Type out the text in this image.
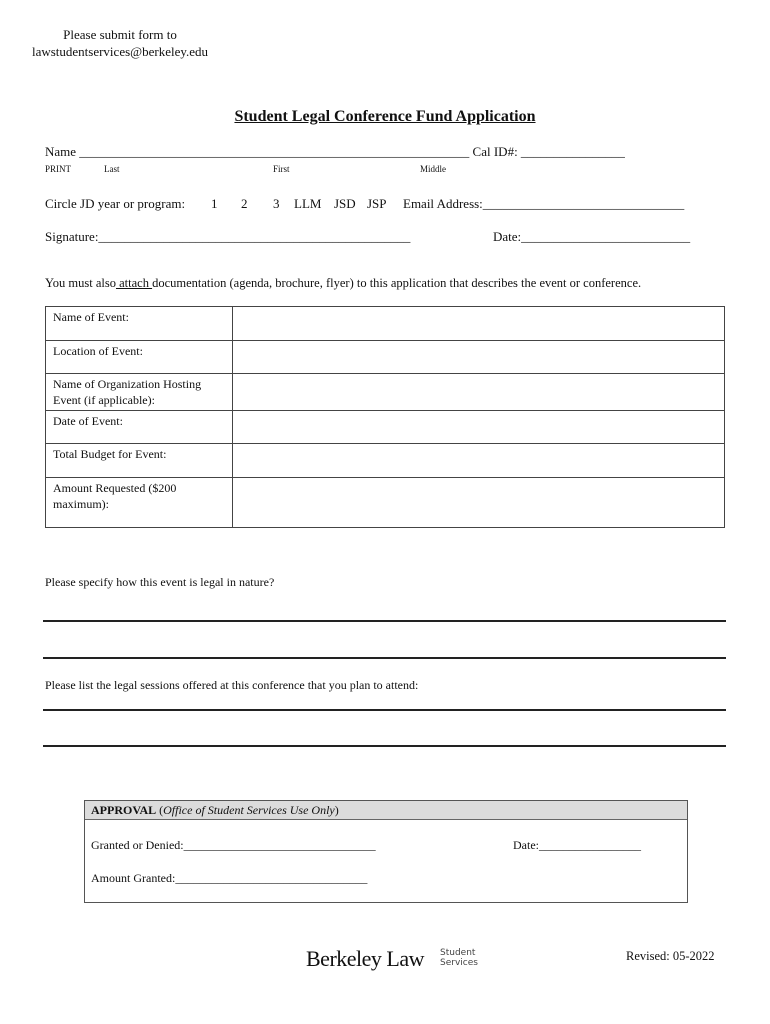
Please submit form to
lawstudentservices@berkeley.edu
Student Legal Conference Fund Application
Name ____________________________________________________________ Cal ID#: ________________
PRINT	Last	First	Middle
Circle JD year or program: 1 2 3 LLM JSD JSP Email Address:_______________________________
Signature:________________________________________________	Date:__________________________
You must also attach documentation (agenda, brochure, flyer) to this application that describes the event or conference.
Name of Event:	
Location of Event:	
Name of Organization Hosting Event (if applicable):	
Date of Event:	
Total Budget for Event:	
Amount Requested ($200 maximum):	
Please specify how this event is legal in nature?
Please list the legal sessions offered at this conference that you plan to attend:
APPROVAL (Office of Student Services Use Only)
Granted or Denied:________________________________	Date:_________________
Amount Granted:________________________________
Berkeley Law Student
Services	Revised: 05-2022
